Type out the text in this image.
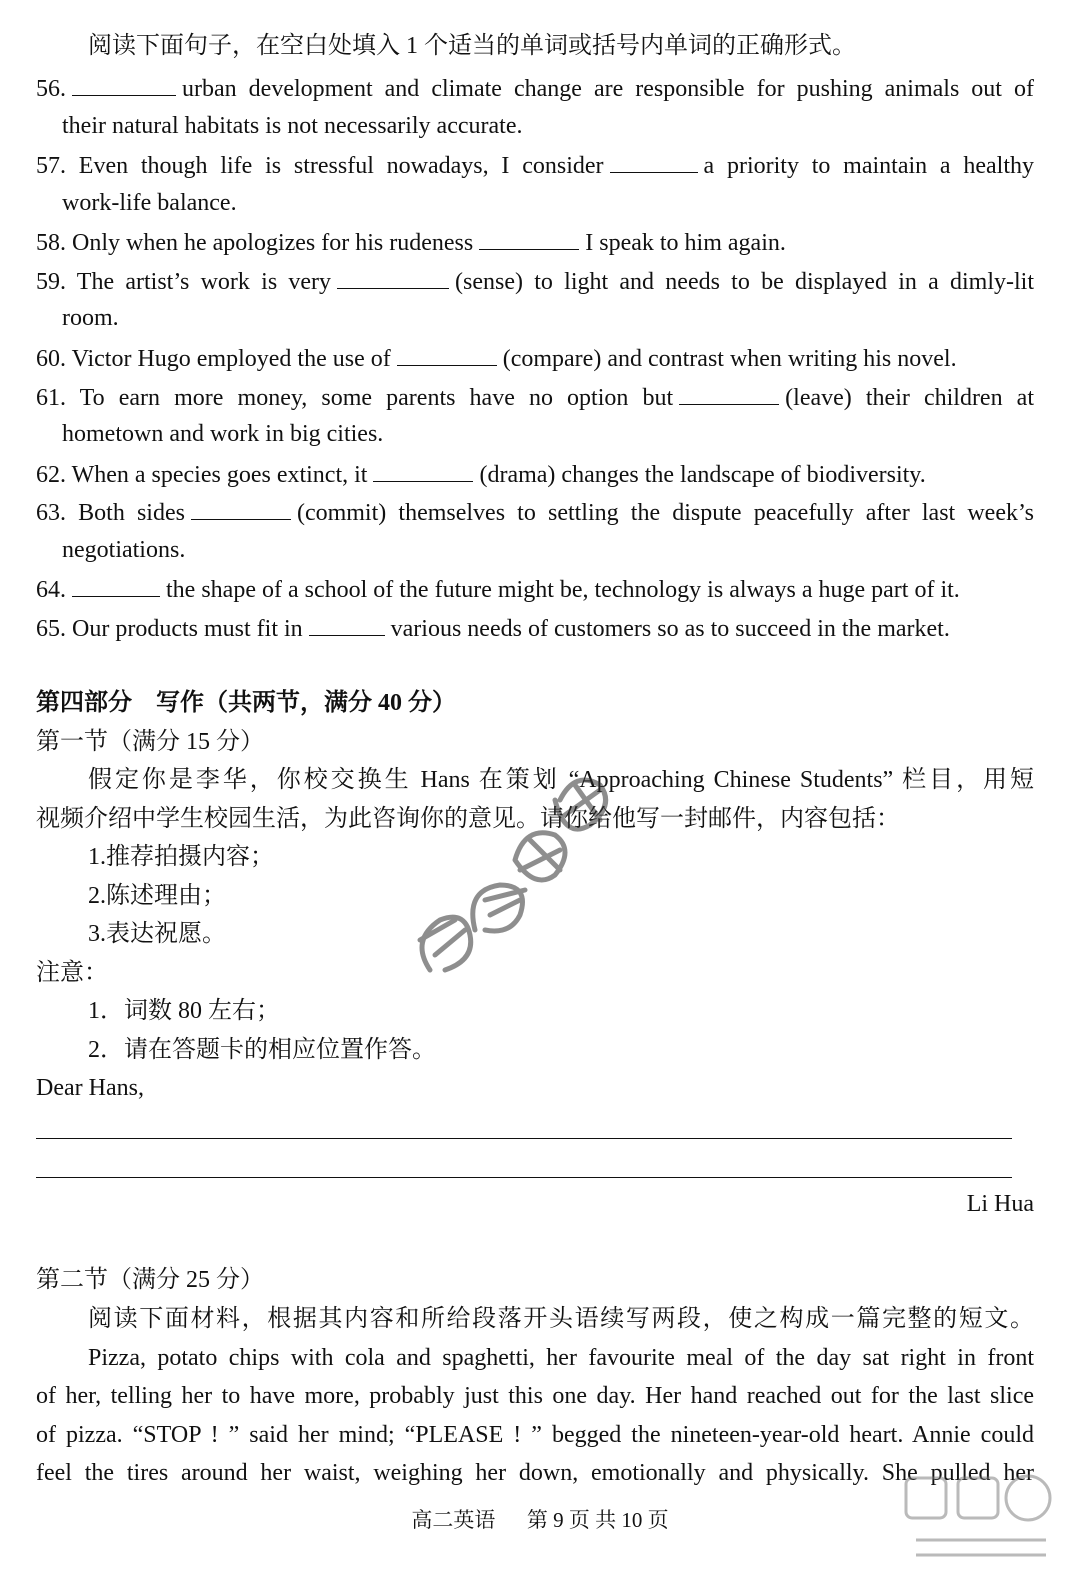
阅读下面句子，在空白处填入 1 个适当的单词或括号内单词的正确形式。
56.	urban development and climate change are responsible for pushing animals out of
their natural habitats is not necessarily accurate.
57. Even though life is stressful nowadays, I consider	a priority to maintain a healthy
work-life balance.
58. Only when he apologizes for his rudeness	I speak to him again.
59. The artist’s work is very	(sense) to light and needs to be displayed in a dimly-lit
room.
60. Victor Hugo employed the use of	(compare) and contrast when writing his novel.
61. To earn more money, some parents have no option but	(leave) their children at
hometown and work in big cities.
62. When a species goes extinct, it	(drama) changes the landscape of biodiversity.
63. Both sides	(commit) themselves to settling the dispute peacefully after last week’s
negotiations.
64.	the shape of a school of the future might be, technology is always a huge part of it.
65. Our products must fit in	various needs of customers so as to succeed in the market.
第四部分　写作（共两节，满分 40 分）
第一节（满分 15 分）
假定你是李华，你校交换生 Hans 在策划 “Approaching Chinese Students” 栏目，用短
视频介绍中学生校园生活，为此咨询你的意见。请你给他写一封邮件，内容包括：
1.推荐拍摄内容；
2.陈述理由；
3.表达祝愿。
注意：
1．词数 80 左右；
2．请在答题卡的相应位置作答。
Dear Hans,
Li Hua
第二节（满分 25 分）
阅读下面材料，根据其内容和所给段落开头语续写两段，使之构成一篇完整的短文。
Pizza, potato chips with cola and spaghetti, her favourite meal of the day sat right in front
of her, telling her to have more, probably just this one day. Her hand reached out for the last slice
of pizza. “STOP ! ” said her mind; “PLEASE ! ” begged the nineteen-year-old heart. Annie could
feel the tires around her waist, weighing her down, emotionally and physically. She pulled her
高二英语 第 9 页 共 10 页
